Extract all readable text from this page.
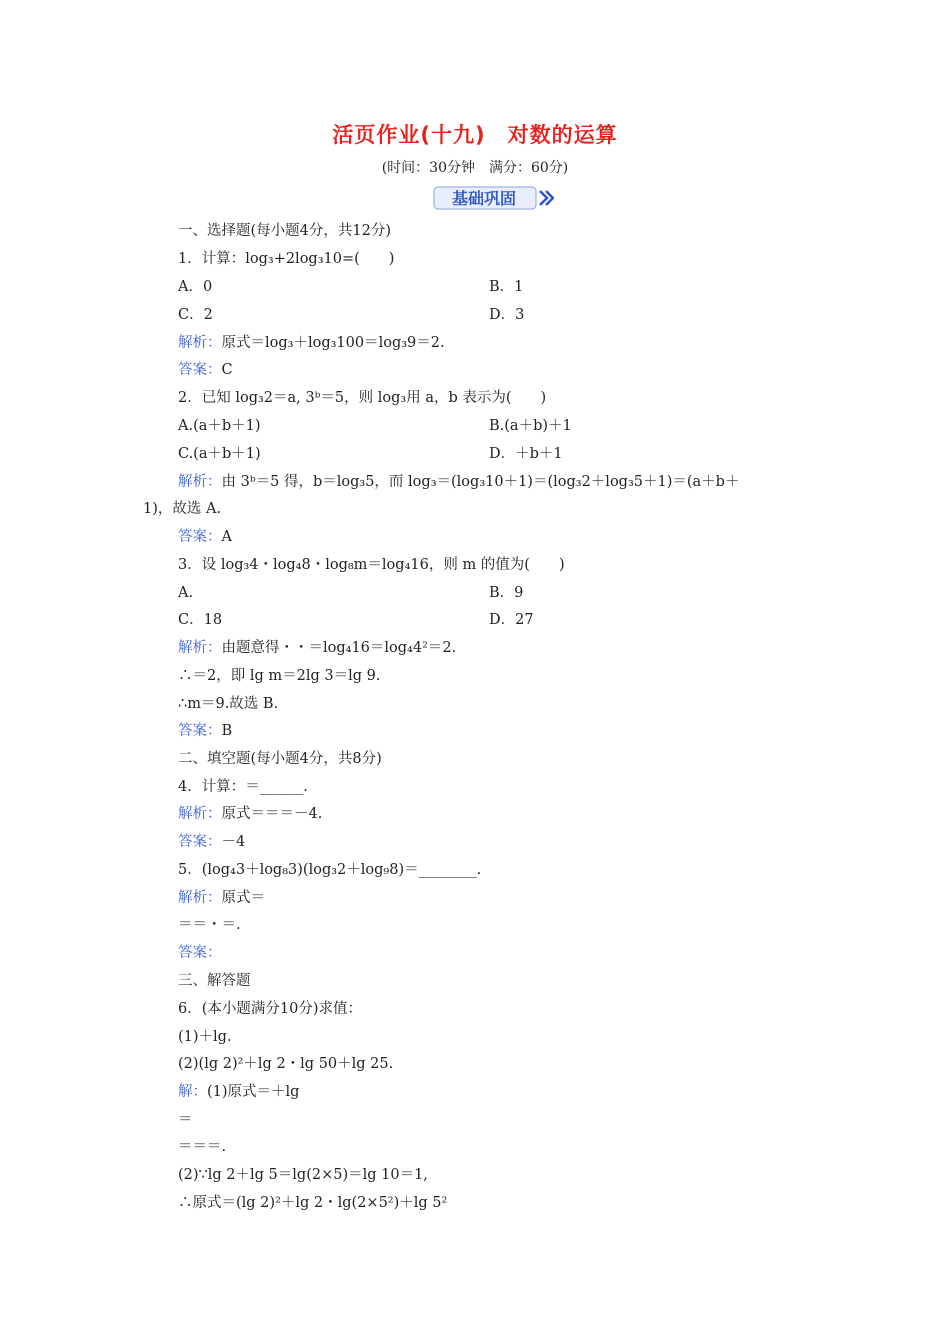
活页作业(十九)　对数的运算
(时间：30分钟　满分：60分)
基础巩固
一、选择题(每小题4分，共12分)
1．计算：log₃+2log₃10=(　　)
A．0	B．1
C．2	D．3
解析：原式＝log₃＋log₃100＝log₃9＝2.
答案：C
2．已知 log₃2＝a, 3ᵇ＝5，则 log₃用 a，b 表示为(　　)
A.(a＋b＋1)	B.(a＋b)＋1
C.(a＋b＋1)	D．＋b＋1
解析：由 3ᵇ＝5 得，b＝log₃5，而 log₃＝(log₃10＋1)＝(log₃2＋log₃5＋1)＝(a＋b＋
1)，故选 A.
答案：A
3．设 log₃4・log₄8・log₈m＝log₄16，则 m 的值为(　　)
A.	B．9
C．18	D．27
解析：由题意得・・＝log₄16＝log₄4²＝2.
∴＝2，即 lg m＝2lg 3＝lg 9.
∴m＝9.故选 B.
答案：B
二、填空题(每小题4分，共8分)
4．计算：＝______.
解析：原式＝＝＝－4.
答案：－4
5．(log₄3＋log₈3)(log₃2＋log₉8)＝________.
解析：原式＝
＝＝・＝.
答案：
三、解答题
6．(本小题满分10分)求值：
(1)＋lg.
(2)(lg 2)²＋lg 2・lg 50＋lg 25.
解：(1)原式＝＋lg
＝
＝＝＝.
(2)∵lg 2＋lg 5＝lg(2×5)＝lg 10＝1,
∴原式＝(lg 2)²＋lg 2・lg(2×5²)＋lg 5²
